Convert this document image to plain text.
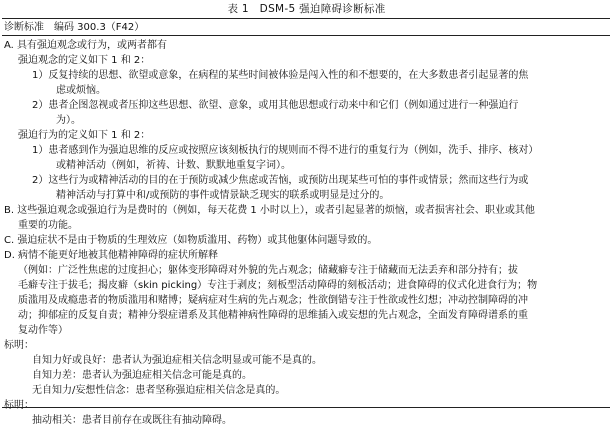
表 1　DSM-5 强迫障碍诊断标准
诊断标准 编码 300.3（F42）
A. 具有强迫观念或行为，或两者都有
强迫观念的定义如下 1 和 2：
1）反复持续的思想、欲望或意象，在病程的某些时间被体验是闯入性的和不想要的，在大多数患者引起显著的焦
虑或烦恼。
2）患者企图忽视或者压抑这些思想、欲望、意象，或用其他思想或行动来中和它们（例如通过进行一种强迫行
为）。
强迫行为的定义如下 1 和 2：
1）患者感到作为强迫思维的反应或按照应该刻板执行的规则而不得不进行的重复行为（例如，洗手、排序、核对）
或精神活动（例如，祈祷、计数、默默地重复字词）。
2）这些行为或精神活动的目的在于预防或减少焦虑或苦恼，或预防出现某些可怕的事件或情景；然而这些行为或
精神活动与打算中和/或预防的事件或情景缺乏现实的联系或明显是过分的。
B. 这些强迫观念或强迫行为是费时的（例如，每天花费 1 小时以上），或者引起显著的烦恼，或者损害社会、职业或其他
重要的功能。
C. 强迫症状不是由于物质的生理效应（如物质滥用、药物）或其他躯体问题导致的。
D. 病情不能更好地被其他精神障碍的症状所解释
（例如：广泛性焦虑的过度担心；躯体变形障碍对外貌的先占观念；储藏癖专注于储藏而无法丢弃和部分持有；拔
毛癖专注于拔毛；揭皮癖（skin picking）专注于剥皮；刻板型活动障碍的刻板活动；进食障碍的仪式化进食行为；物
质滥用及成瘾患者的物质滥用和赌博；疑病症对生病的先占观念；性欲倒错专注于性欲或性幻想；冲动控制障碍的冲
动；抑郁症的反复自责；精神分裂症谱系及其他精神病性障碍的思维插入或妄想的先占观念，全面发育障碍谱系的重
复动作等）
标明：
自知力好或良好：患者认为强迫症相关信念明显或可能不是真的。
自知力差：患者认为强迫症相关信念可能是真的。
无自知力/妄想性信念：患者坚称强迫症相关信念是真的。
标明：
抽动相关：患者目前存在或既往有抽动障碍。
